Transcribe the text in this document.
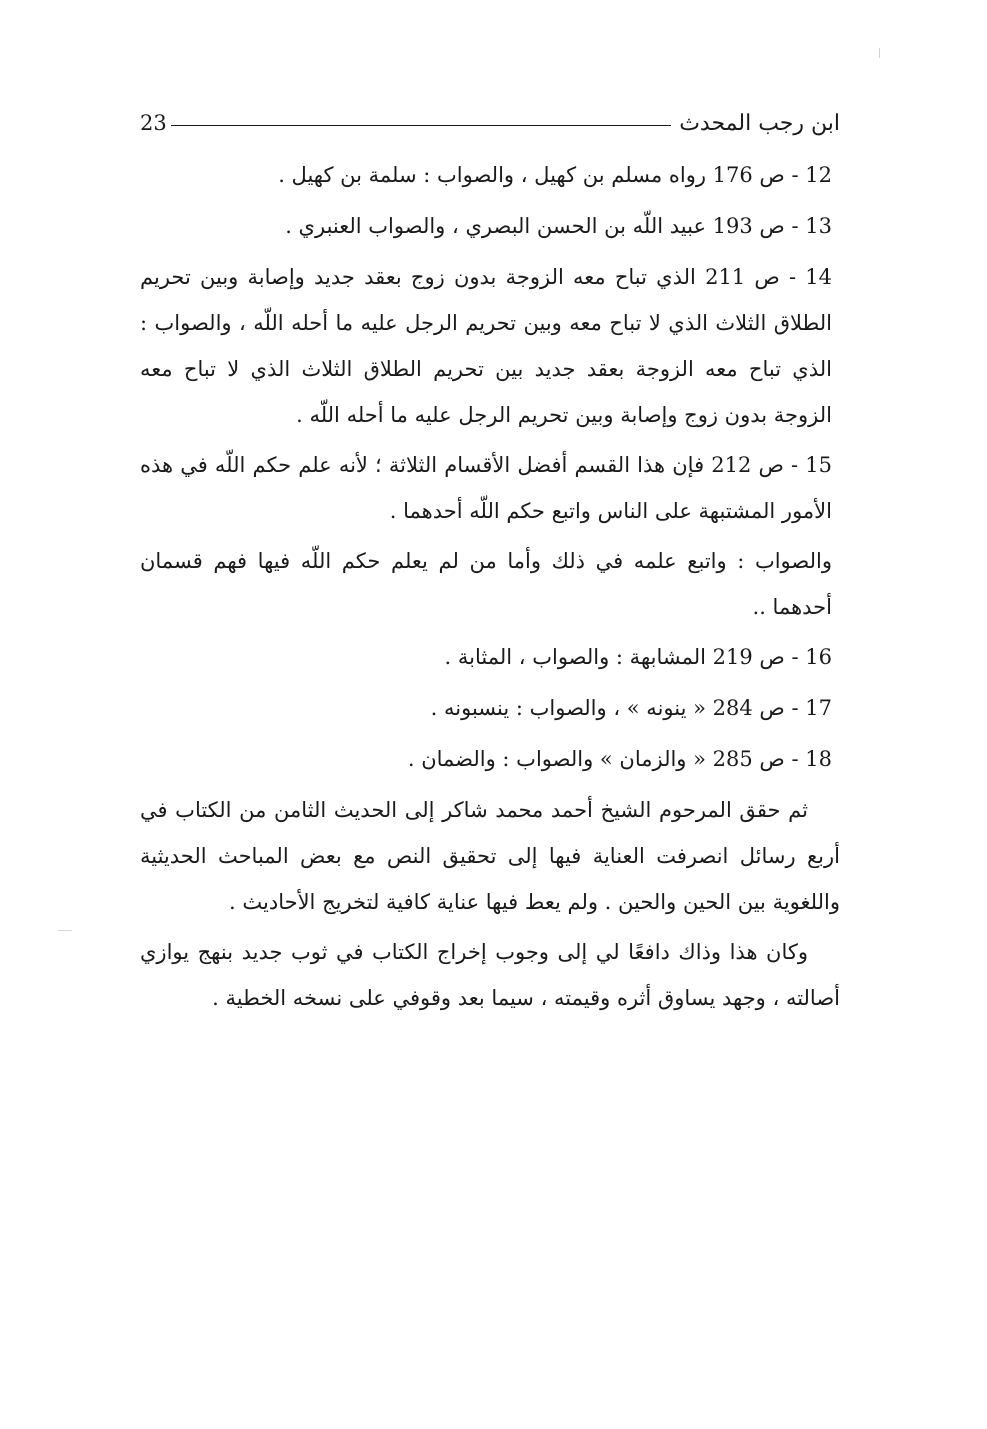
ابن رجب المحدث
23

12 - ص 176 رواه مسلم بن كهيل ، والصواب : سلمة بن كهيل .

13 - ص 193 عبيد اللّه بن الحسن البصري ، والصواب العنبري .

14 - ص 211 الذي تباح معه الزوجة بدون زوج بعقد جديد وإصابة وبين تحريم الطلاق الثلاث الذي لا تباح معه وبين تحريم الرجل عليه ما أحله اللّه ، والصواب : الذي تباح معه الزوجة بعقد جديد بين تحريم الطلاق الثلاث الذي لا تباح معه الزوجة بدون زوج وإصابة وبين تحريم الرجل عليه ما أحله اللّه .

15 - ص 212 فإن هذا القسم أفضل الأقسام الثلاثة ؛ لأنه علم حكم اللّه في هذه الأمور المشتبهة على الناس واتبع حكم اللّه أحدهما .

والصواب : واتبع علمه في ذلك وأما من لم يعلم حكم اللّه فيها فهم قسمان أحدهما ..

16 - ص 219 المشابهة : والصواب ، المثابة .

17 - ص 284 « ينونه » ، والصواب : ينسبونه .

18 - ص 285 « والزمان » والصواب : والضمان .

ثم حقق المرحوم الشيخ أحمد محمد شاكر إلى الحديث الثامن من الكتاب في أربع رسائل انصرفت العناية فيها إلى تحقيق النص مع بعض المباحث الحديثية واللغوية بين الحين والحين . ولم يعط فيها عناية كافية لتخريج الأحاديث .

وكان هذا وذاك دافعًا لي إلى وجوب إخراج الكتاب في ثوب جديد بنهج يوازي أصالته ، وجهد يساوق أثره وقيمته ، سيما بعد وقوفي على نسخه الخطية .
